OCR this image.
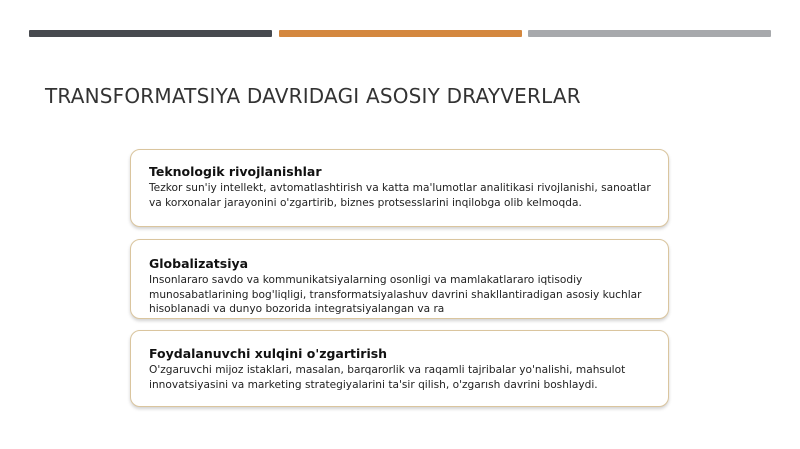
TRANSFORMATSIYA DAVRIDAGI ASOSIY DRAYVERLAR
Teknologik rivojlanishlar
Tezkor sun'iy intellekt, avtomatlashtirish va katta ma'lumotlar analitikasi rivojlanishi, sanoatlar va korxonalar jarayonini o'zgartirib, biznes protsesslarini inqilobga olib kelmoqda.
Globalizatsiya
Insonlararo savdo va kommunikatsiyalarning osonligi va mamlakatlararo iqtisodiy munosabatlarining bog'liqligi, transformatsiyalashuv davrini shakllantiradigan asosiy kuchlar hisoblanadi va dunyo bozorida integratsiyalangan va ra
Foydalanuvchi xulqini o'zgartirish
O'zgaruvchi mijoz istaklari, masalan, barqarorlik va raqamli tajribalar yo'nalishi, mahsulot innovatsiyasini va marketing strategiyalarini ta'sir qilish, o'zgarısh davrini boshlaydi.
